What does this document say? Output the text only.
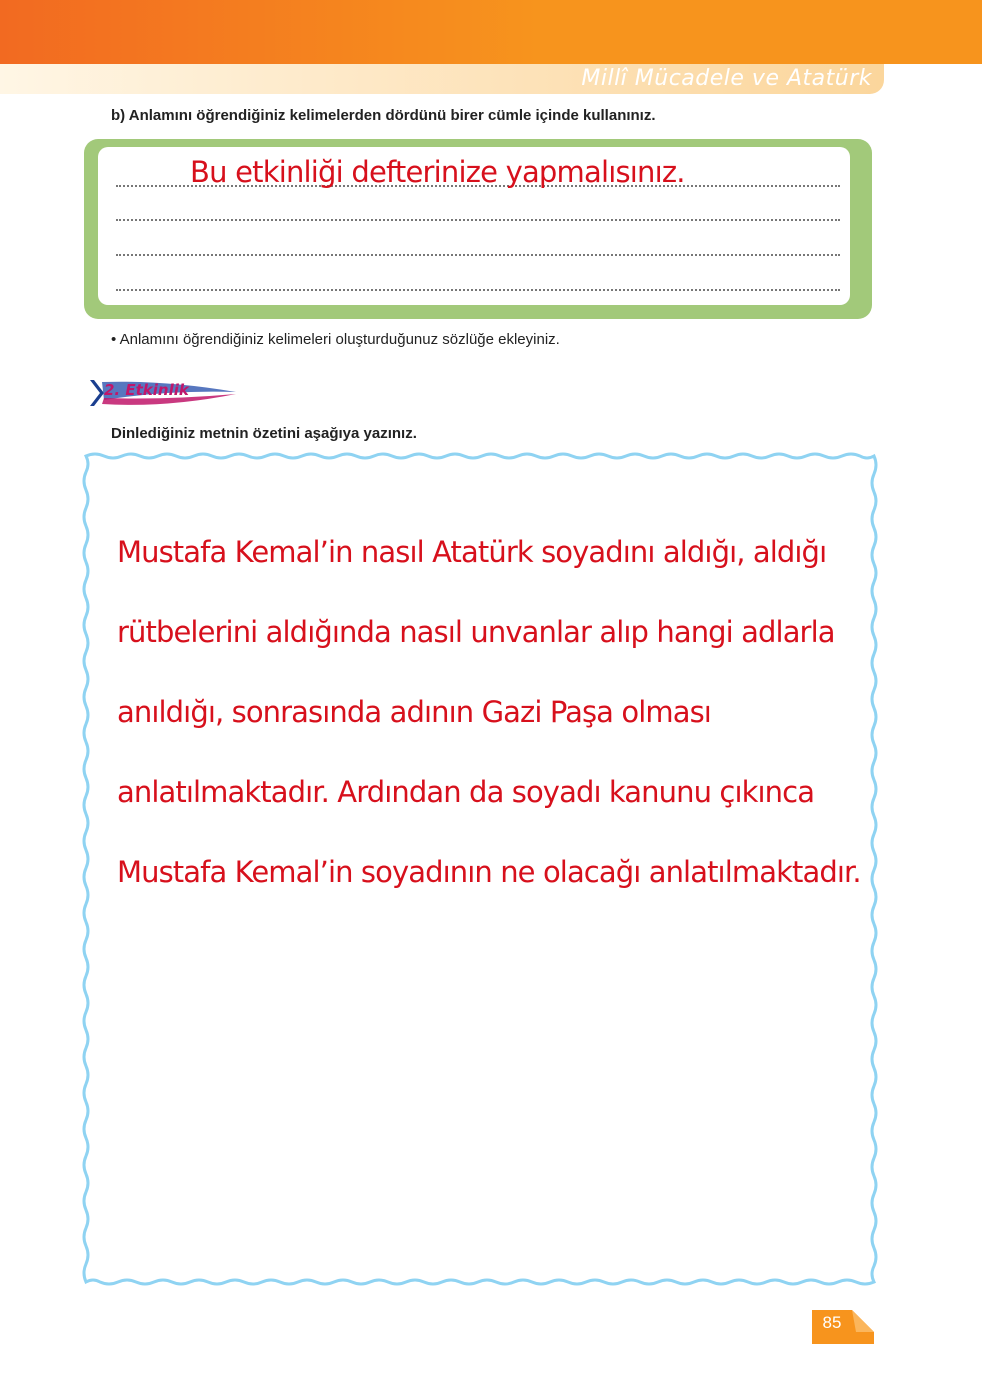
Millî Mücadele ve Atatürk
b) Anlamını öğrendiğiniz kelimelerden dördünü birer cümle içinde kullanınız.
Bu etkinliği defterinize yapmalısınız.
• Anlamını öğrendiğiniz kelimeleri oluşturduğunuz sözlüğe ekleyiniz.
2. Etkinlik
Dinlediğiniz metnin özetini aşağıya yazınız.

Mustafa Kemal’in nasıl Atatürk soyadını aldığı, aldığı

rütbelerini aldığında nasıl unvanlar alıp hangi adlarla

anıldığı, sonrasında adının Gazi Paşa olması

anlatılmaktadır. Ardından da soyadı kanunu çıkınca

Mustafa Kemal’in soyadının ne olacağı anlatılmaktadır.

85
